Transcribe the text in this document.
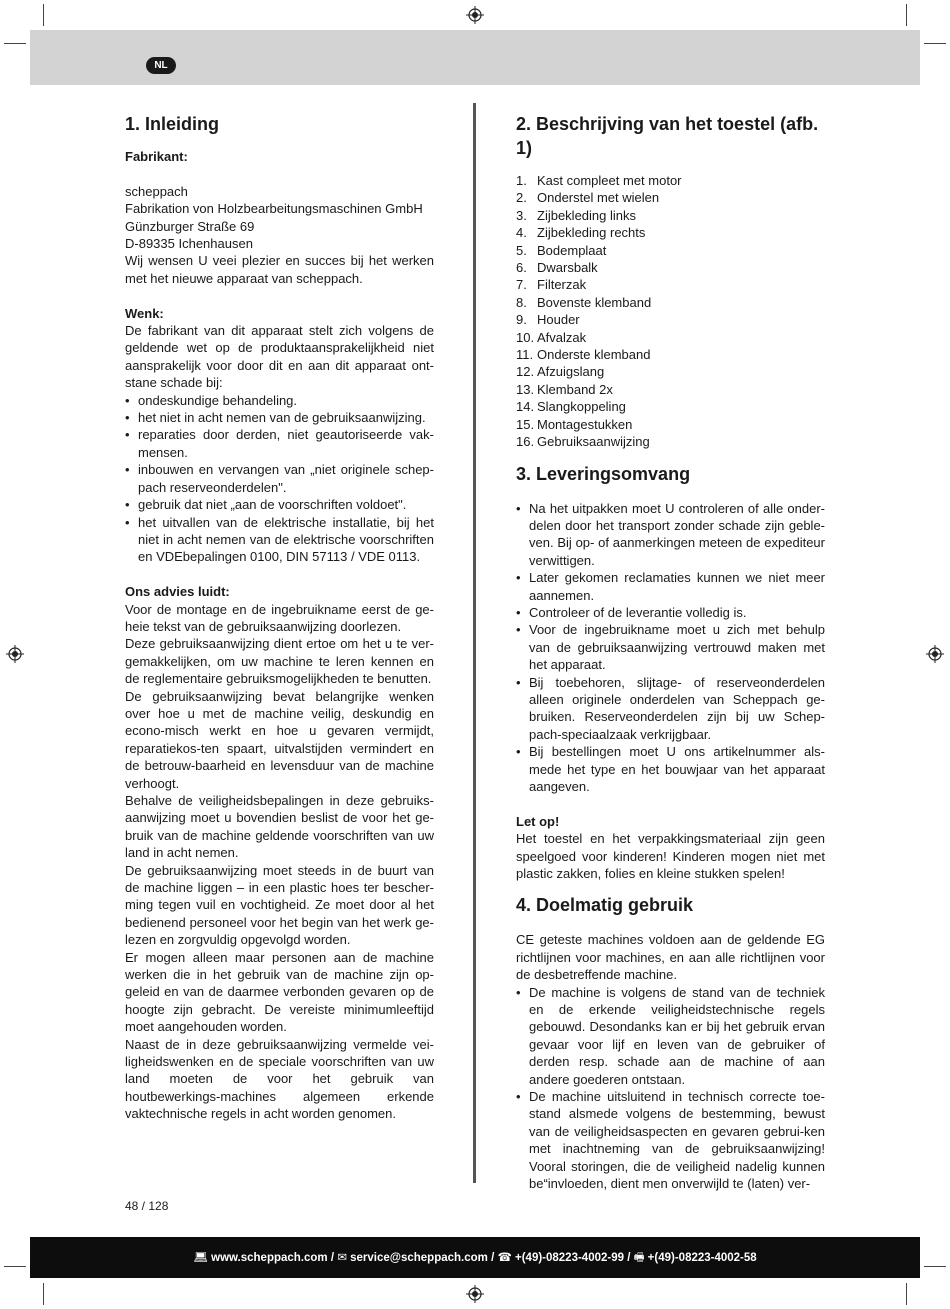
NL
1. Inleiding

Fabrikant:

scheppach

Fabrikation von Holzbearbeitungsmaschinen GmbH

Günzburger Straße 69

D-89335 Ichenhausen

Wij wensen U veei plezier en succes bij het werken met het nieuwe apparaat van scheppach.

Wenk:

De fabrikant van dit apparaat stelt zich volgens de geldende wet op de produktaansprakelijkheid niet aansprakelijk voor door dit en aan dit apparaat ont-stane schade bij:

• ondeskundige behandeling.
• het niet in acht nemen van de gebruiksaanwijzing.
• reparaties door derden, niet geautoriseerde vak-mensen.
• inbouwen en vervangen van „niet originele schep-pach reserveonderdelen".
• gebruik dat niet „aan de voorschriften voldoet".
• het uitvallen van de elektrische installatie, bij het niet in acht nemen van de elektrische voorschriften en VDEbepalingen 0100, DIN 57113 / VDE 0113.

Ons advies luidt:

Voor de montage en de ingebruikname eerst de ge-heie tekst van de gebruiksaanwijzing doorlezen.

Deze gebruiksaanwijzing dient ertoe om het u te ver-gemakkelijken, om uw machine te leren kennen en de reglementaire gebruiksmogelijkheden te benutten.

De gebruiksaanwijzing bevat belangrijke wenken over hoe u met de machine veilig, deskundig en econo-misch werkt en hoe u gevaren vermijdt, reparatiekos-ten spaart, uitvalstijden vermindert en de betrouw-baarheid en levensduur van de machine verhoogt.

Behalve de veiligheidsbepalingen in deze gebruiks-aanwijzing moet u bovendien beslist de voor het ge-bruik van de machine geldende voorschriften van uw land in acht nemen.

De gebruiksaanwijzing moet steeds in de buurt van de machine liggen – in een plastic hoes ter bescher-ming tegen vuil en vochtigheid. Ze moet door al het bedienend personeel voor het begin van het werk ge-lezen en zorgvuldig opgevolgd worden.

Er mogen alleen maar personen aan de machine werken die in het gebruik van de machine zijn op-geleid en van de daarmee verbonden gevaren op de hoogte zijn gebracht. De vereiste minimumleeftijd moet aangehouden worden.

Naast de in deze gebruiksaanwijzing vermelde vei-ligheidswenken en de speciale voorschriften van uw land moeten de voor het gebruik van houtbewerkings-machines algemeen erkende vaktechnische regels in acht worden genomen.

2. Beschrijving van het toestel (afb. 1)
1. Kast compleet met motor
2. Onderstel met wielen
3. Zijbekleding links
4. Zijbekleding rechts
5. Bodemplaat
6. Dwarsbalk
7. Filterzak
8. Bovenste klemband
9. Houder
10. Afvalzak
11. Onderste klemband
12. Afzuigslang
13. Klemband 2x
14. Slangkoppeling
15. Montagestukken
16. Gebruiksaanwijzing
3. Leveringsomvang
• Na het uitpakken moet U controleren of alle onder-delen door het transport zonder schade zijn geble-ven. Bij op- of aanmerkingen meteen de expediteur verwittigen.
• Later gekomen reclamaties kunnen we niet meer aannemen.
• Controleer of de leverantie volledig is.
• Voor de ingebruikname moet u zich met behulp van de gebruiksaanwijzing vertrouwd maken met het apparaat.
• Bij toebehoren, slijtage- of reserveonderdelen alleen originele onderdelen van Scheppach ge-bruiken. Reserveonderdelen zijn bij uw Schep-pach-speciaalzaak verkrijgbaar.
• Bij bestellingen moet U ons artikelnummer als-mede het type en het bouwjaar van het apparaat aangeven.

Let op!

Het toestel en het verpakkingsmateriaal zijn geen speelgoed voor kinderen! Kinderen mogen niet met plastic zakken, folies en kleine stukken spelen!

4. Doelmatig gebruik

CE geteste machines voldoen aan de geldende EG richtlijnen voor machines, en aan alle richtlijnen voor de desbetreffende machine.

• De machine is volgens de stand van de techniek en de erkende veiligheidstechnische regels gebouwd. Desondanks kan er bij het gebruik ervan gevaar voor lijf en leven van de gebruiker of derden resp. schade aan de machine of aan andere goederen ontstaan.
• De machine uitsluitend in technisch correcte toe-stand alsmede volgens de bestemming, bewust van de veiligheidsaspecten en gevaren gebrui-ken met inachtneming van de gebruiksaanwijzing! Vooral storingen, die de veiligheid nadelig kunnen be“invloeden, dient men onverwijld te (laten) ver-
48 / 128
💻︎ www.scheppach.com / ✉︎ service@scheppach.com / ☎ +(49)-08223-4002-99 / 🖷︎ +(49)-08223-4002-58
